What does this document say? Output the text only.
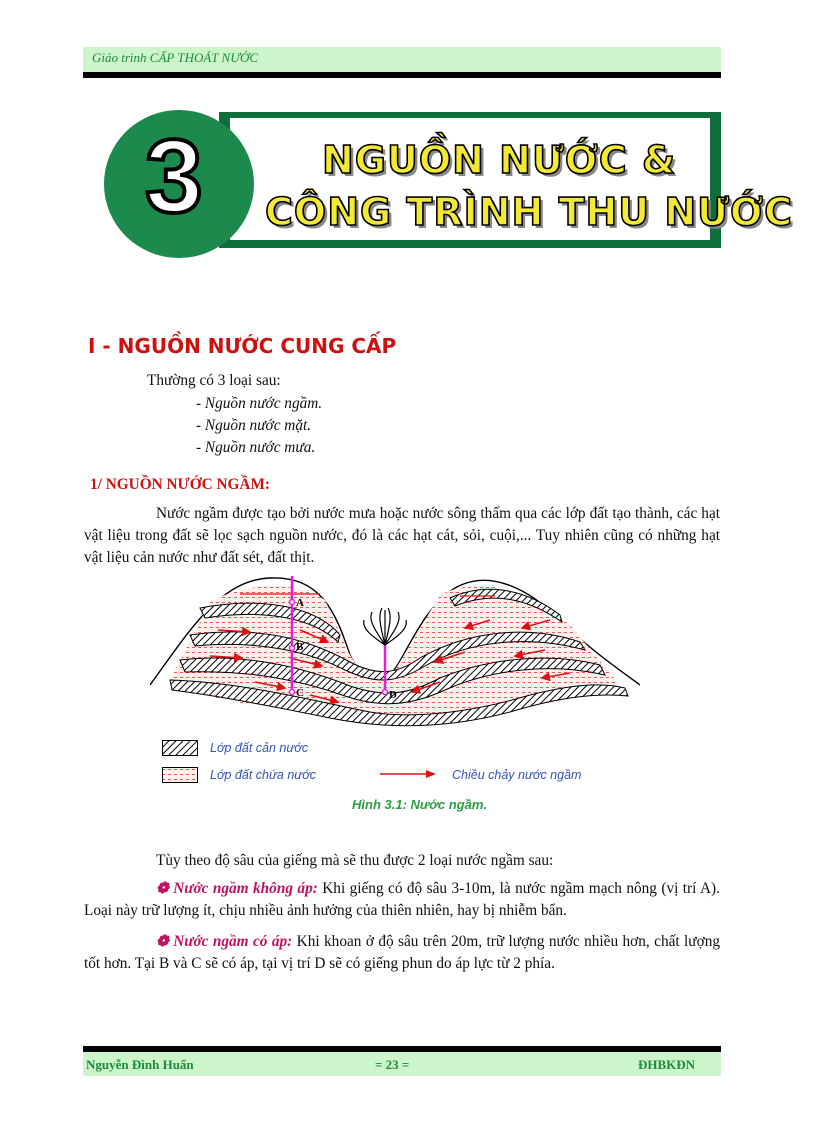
Giáo trình CẤP THOÁT NƯỚC
3	NGUỒN NƯỚC &
CÔNG TRÌNH THU NƯỚC
I - NGUỒN NƯỚC CUNG CẤP
Thường có 3 loại sau:
- Nguồn nước ngầm.
- Nguồn nước mặt.
- Nguồn nước mưa.
1/ NGUỒN NƯỚC NGẦM:
Nước ngầm được tạo bởi nước mưa hoặc nước sông thấm qua các lớp đất tạo thành, các hạt vật liệu trong đất sẽ lọc sạch nguồn nước, đó là các hạt cát, sỏi, cuội,... Tuy nhiên cũng có những hạt vật liệu cản nước như đất sét, đất thịt.
A
B
C	D
Lớp đất cản nước
Lớp đất chứa nước	Chiều chảy nước ngầm
Hình 3.1: Nước ngầm.
Tùy theo độ sâu của giếng mà sẽ thu được 2 loại nước ngầm sau:
❁ Nước ngầm không áp: Khi giếng có độ sâu 3-10m, là nước ngầm mạch nông (vị trí A). Loại này trữ lượng ít, chịu nhiều ảnh hưởng của thiên nhiên, hay bị nhiễm bẩn.
❁ Nước ngầm có áp: Khi khoan ở độ sâu trên 20m, trữ lượng nước nhiều hơn, chất lượng tốt hơn. Tại B và C sẽ có áp, tại vị trí D sẽ có giếng phun do áp lực từ 2 phía.
Nguyễn Đình Huấn	= 23 =	ĐHBKĐN
